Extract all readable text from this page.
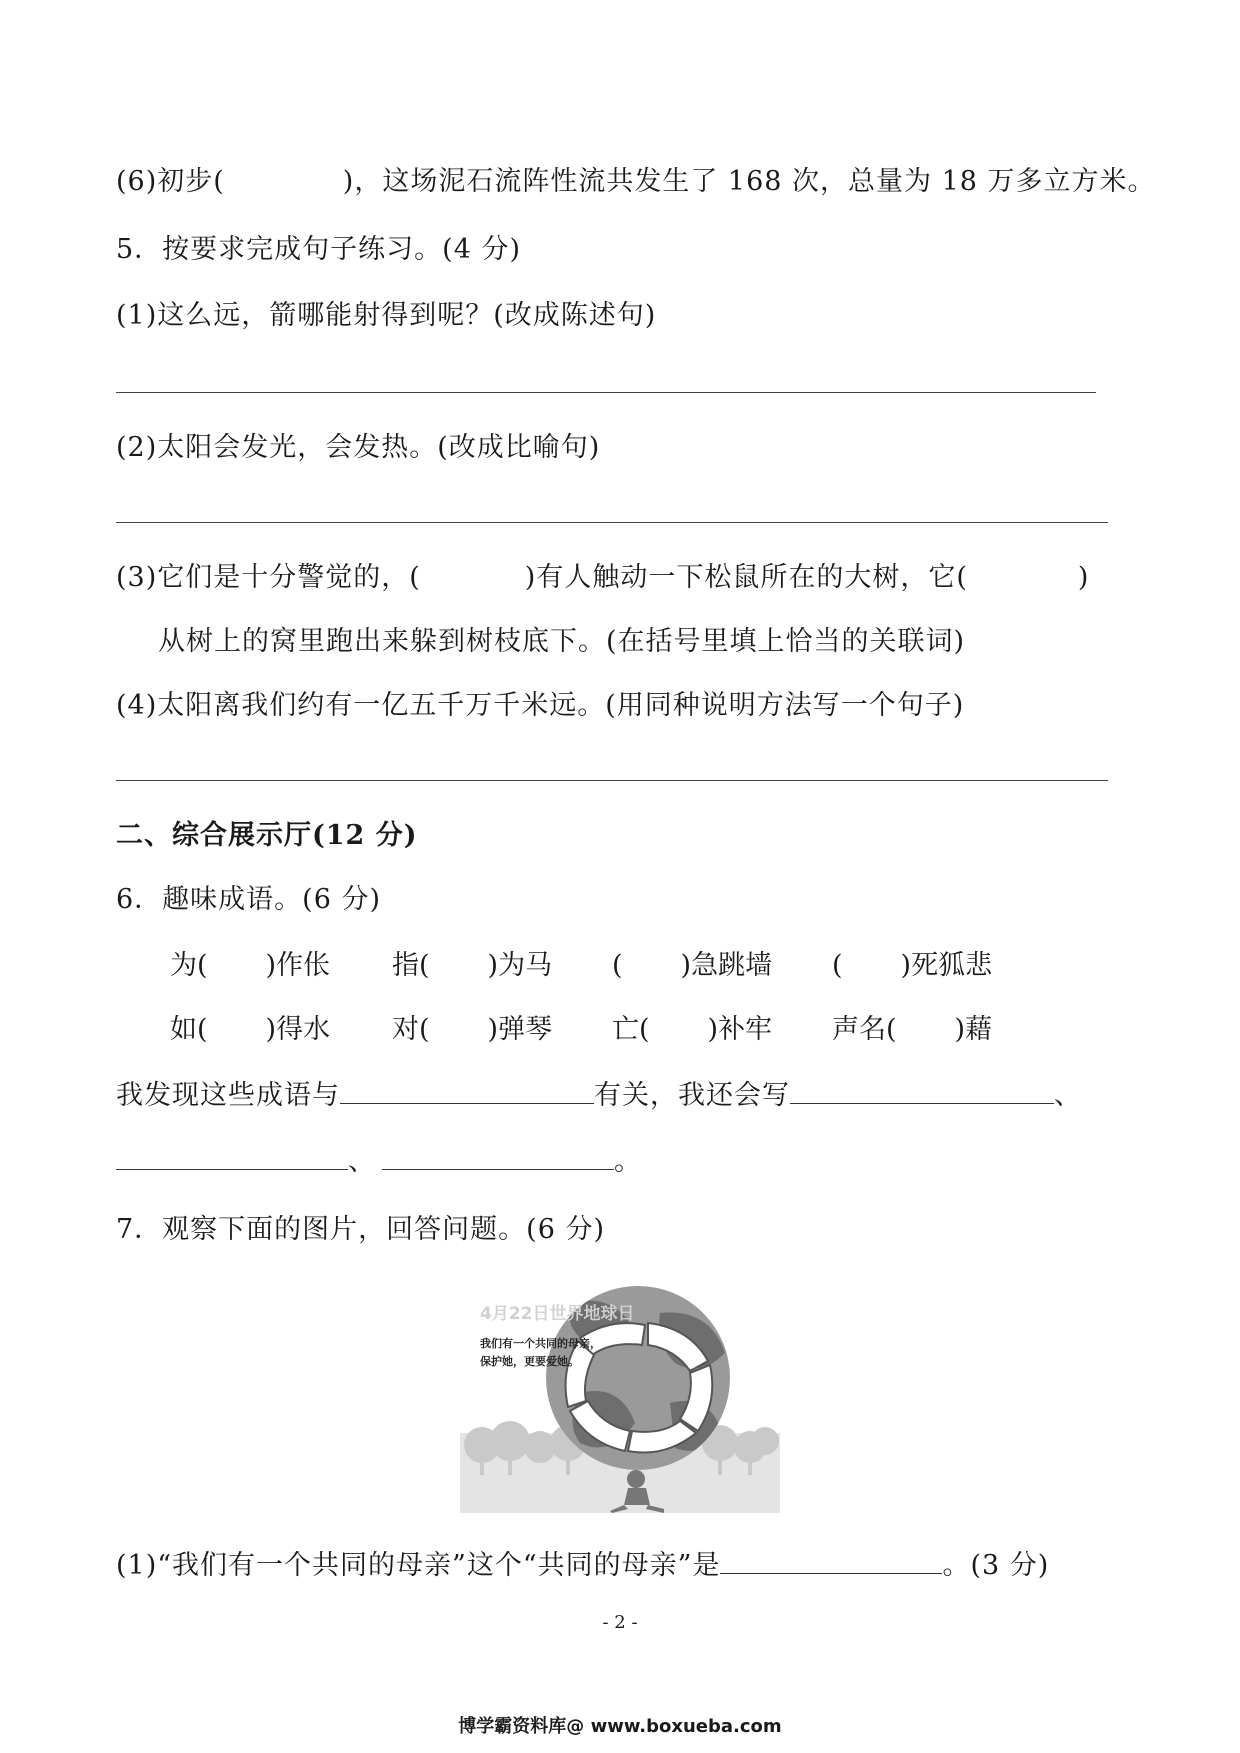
(6)初步(	)，这场泥石流阵性流共发生了 168 次，总量为 18 万多立方米。
5．按要求完成句子练习。(4 分)
(1)这么远，箭哪能射得到呢？(改成陈述句)
(2)太阳会发光，会发热。(改成比喻句)
(3)它们是十分警觉的，(	)有人触动一下松鼠所在的大树，它(	)
从树上的窝里跑出来躲到树枝底下。(在括号里填上恰当的关联词)
(4)太阳离我们约有一亿五千万千米远。(用同种说明方法写一个句子)
二、综合展示厅(12 分)
6．趣味成语。(6 分)
为( )作伥 指( )为马 ( )急跳墙 ( )死狐悲
如( )得水 对( )弹琴 亡( )补牢 声名( )藉
我发现这些成语与	有关，我还会写	、
、	。
7．观察下面的图片，回答问题。(6 分)
4月22日世界地球日
我们有一个共同的母亲，
保护她，更要爱她。
(1)“我们有一个共同的母亲”这个“共同的母亲”是	。(3 分)
- 2 -
博学霸资料库@ www.boxueba.com
